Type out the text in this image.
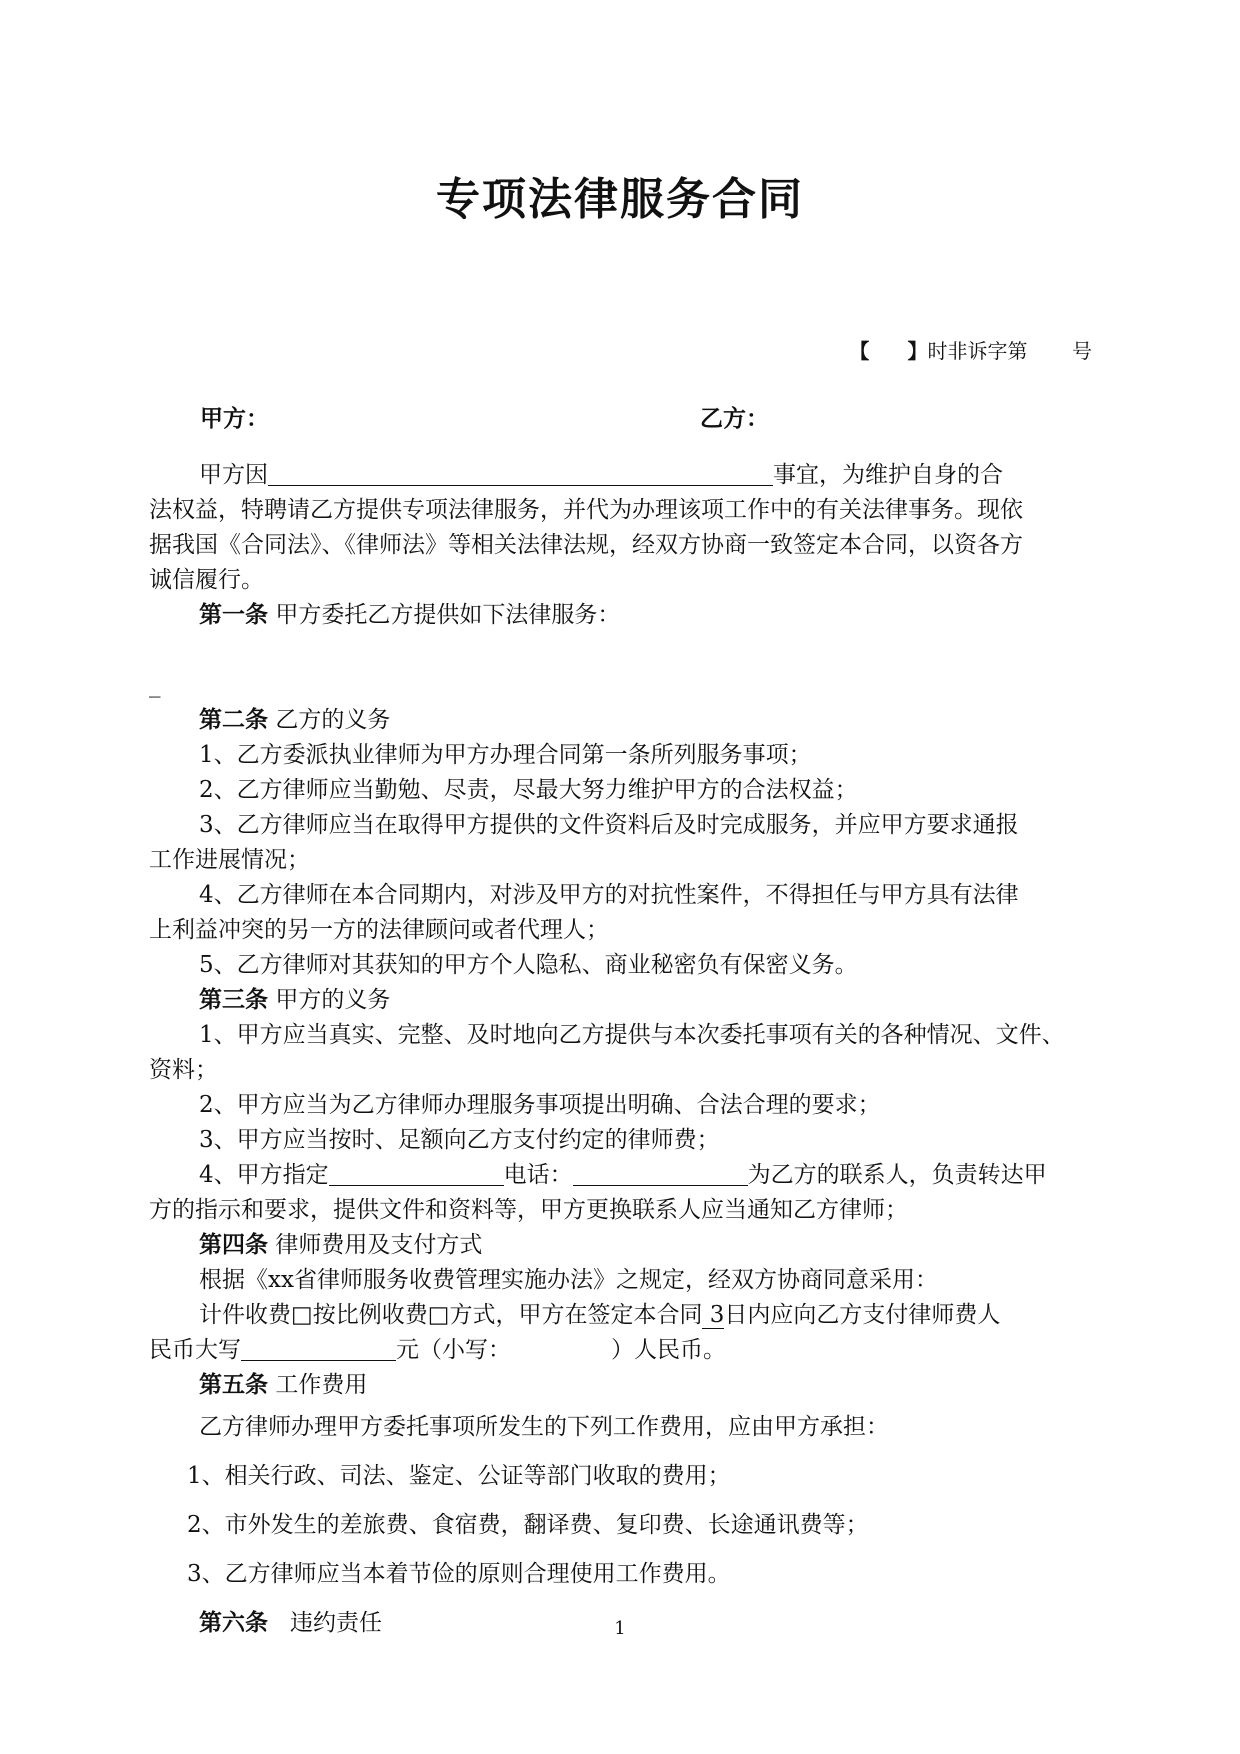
专项法律服务合同
【 】时非诉字第 号
甲方：	乙方：
甲方因	事宜，为维护自身的合
法权益，特聘请乙方提供专项法律服务，并代为办理该项工作中的有关法律事务。现依
据我国《合同法》、《律师法》等相关法律法规，经双方协商一致签定本合同，以资各方
诚信履行。
第一条 甲方委托乙方提供如下法律服务：
_
第二条 乙方的义务
1、乙方委派执业律师为甲方办理合同第一条所列服务事项；
2、乙方律师应当勤勉、尽责，尽最大努力维护甲方的合法权益；
3、乙方律师应当在取得甲方提供的文件资料后及时完成服务，并应甲方要求通报
工作进展情况；
4、乙方律师在本合同期内，对涉及甲方的对抗性案件，不得担任与甲方具有法律
上利益冲突的另一方的法律顾问或者代理人；
5、乙方律师对其获知的甲方个人隐私、商业秘密负有保密义务。
第三条 甲方的义务
1、甲方应当真实、完整、及时地向乙方提供与本次委托事项有关的各种情况、文件、
资料；
2、甲方应当为乙方律师办理服务事项提出明确、合法合理的要求；
3、甲方应当按时、足额向乙方支付约定的律师费；
4、甲方指定	电话：	为乙方的联系人，负责转达甲
方的指示和要求，提供文件和资料等，甲方更换联系人应当通知乙方律师；
第四条 律师费用及支付方式
根据《xx省律师服务收费管理实施办法》之规定，经双方协商同意采用：
计件收费□按比例收费□方式，甲方在签定本合同 3日内应向乙方支付律师费人
民币大写	元（小写：	）人民币。
第五条 工作费用
乙方律师办理甲方委托事项所发生的下列工作费用，应由甲方承担：
1、相关行政、司法、鉴定、公证等部门收取的费用；
2、市外发生的差旅费、食宿费，翻译费、复印费、长途通讯费等；
3、乙方律师应当本着节俭的原则合理使用工作费用。
第六条 违约责任	1
